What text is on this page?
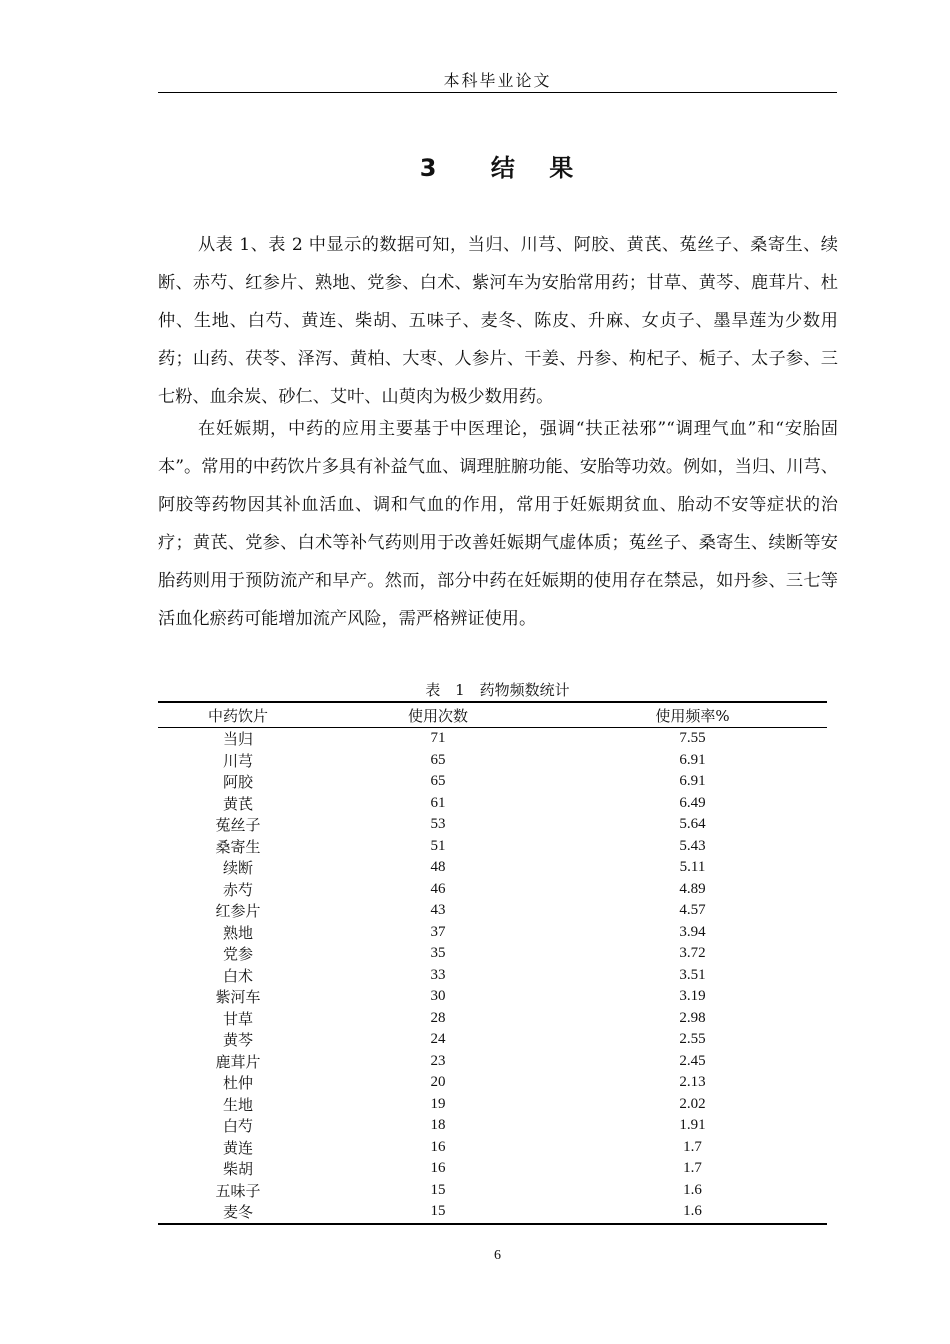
本科毕业论文
3 结 果

从表 1、表 2 中显示的数据可知，当归、川芎、阿胶、黄芪、菟丝子、桑寄生、续断、赤芍、红参片、熟地、党参、白术、紫河车为安胎常用药；甘草、黄芩、鹿茸片、杜仲、生地、白芍、黄连、柴胡、五味子、麦冬、陈皮、升麻、女贞子、墨旱莲为少数用药；山药、茯苓、泽泻、黄柏、大枣、人参片、干姜、丹参、枸杞子、栀子、太子参、三七粉、血余炭、砂仁、艾叶、山萸肉为极少数用药。

在妊娠期，中药的应用主要基于中医理论，强调“扶正祛邪”“调理气血”和“安胎固本”。常用的中药饮片多具有补益气血、调理脏腑功能、安胎等功效。例如，当归、川芎、阿胶等药物因其补血活血、调和气血的作用，常用于妊娠期贫血、胎动不安等症状的治疗；黄芪、党参、白术等补气药则用于改善妊娠期气虚体质；菟丝子、桑寄生、续断等安胎药则用于预防流产和早产。然而，部分中药在妊娠期的使用存在禁忌，如丹参、三七等活血化瘀药可能增加流产风险，需严格辨证使用。

表 1　药物频数统计
中药饮片	使用次数	使用频率%
当归	71	7.55
川芎	65	6.91
阿胶	65	6.91
黄芪	61	6.49
菟丝子	53	5.64
桑寄生	51	5.43
续断	48	5.11
赤芍	46	4.89
红参片	43	4.57
熟地	37	3.94
党参	35	3.72
白术	33	3.51
紫河车	30	3.19
甘草	28	2.98
黄芩	24	2.55
鹿茸片	23	2.45
杜仲	20	2.13
生地	19	2.02
白芍	18	1.91
黄连	16	1.7
柴胡	16	1.7
五味子	15	1.6
麦冬	15	1.6
6
